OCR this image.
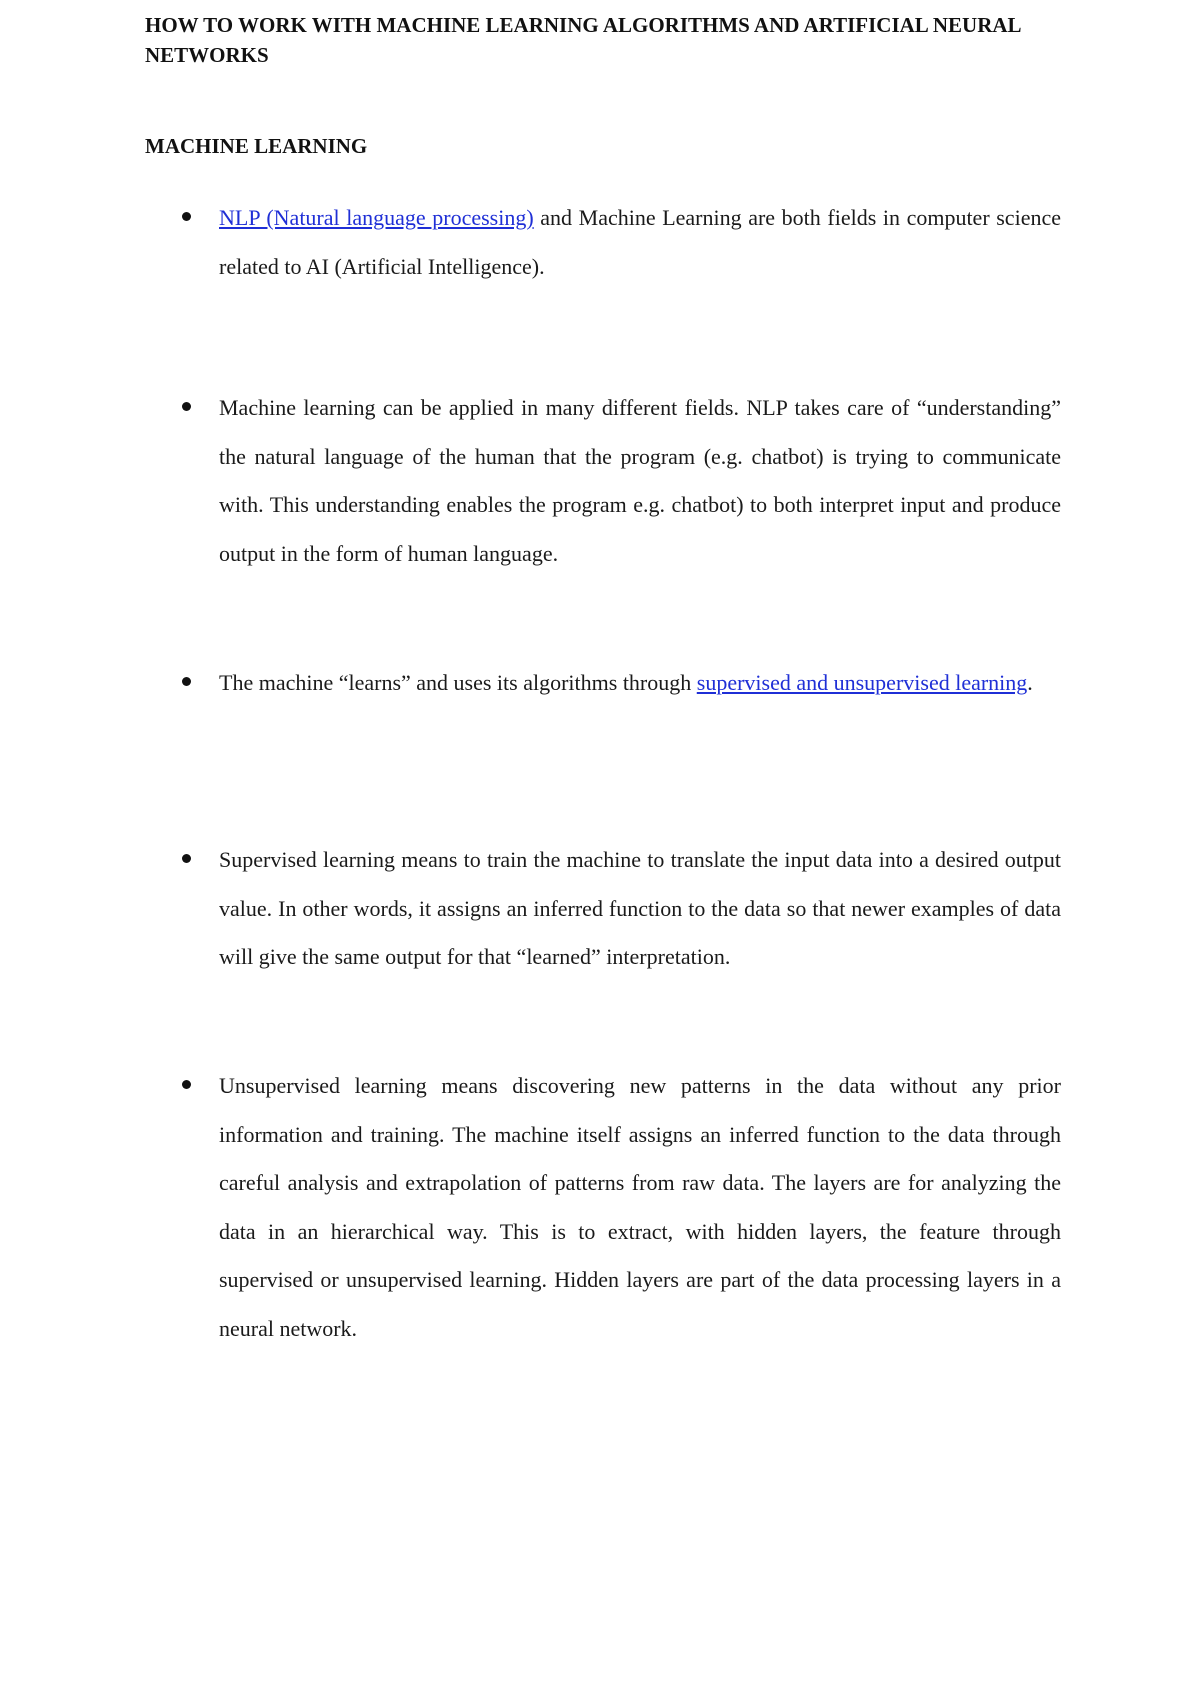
HOW TO WORK WITH MACHINE LEARNING ALGORITHMS AND ARTIFICIAL NEURAL NETWORKS
MACHINE LEARNING

NLP (Natural language processing) and Machine Learning are both fields in computer science related to AI (Artificial Intelligence).

Machine learning can be applied in many different fields. NLP takes care of “understanding” the natural language of the human that the program (e.g. chatbot) is trying to communicate with. This understanding enables the program e.g. chatbot) to both interpret input and produce output in the form of human language.

The machine “learns” and uses its algorithms through supervised and unsupervised learning.

Supervised learning means to train the machine to translate the input data into a desired output value. In other words, it assigns an inferred function to the data so that newer examples of data will give the same output for that “learned” interpretation.

Unsupervised learning means discovering new patterns in the data without any prior information and training. The machine itself assigns an inferred function to the data through careful analysis and extrapolation of patterns from raw data. The layers are for analyzing the data in an hierarchical way. This is to extract, with hidden layers, the feature through supervised or unsupervised learning. Hidden layers are part of the data processing layers in a neural network.
